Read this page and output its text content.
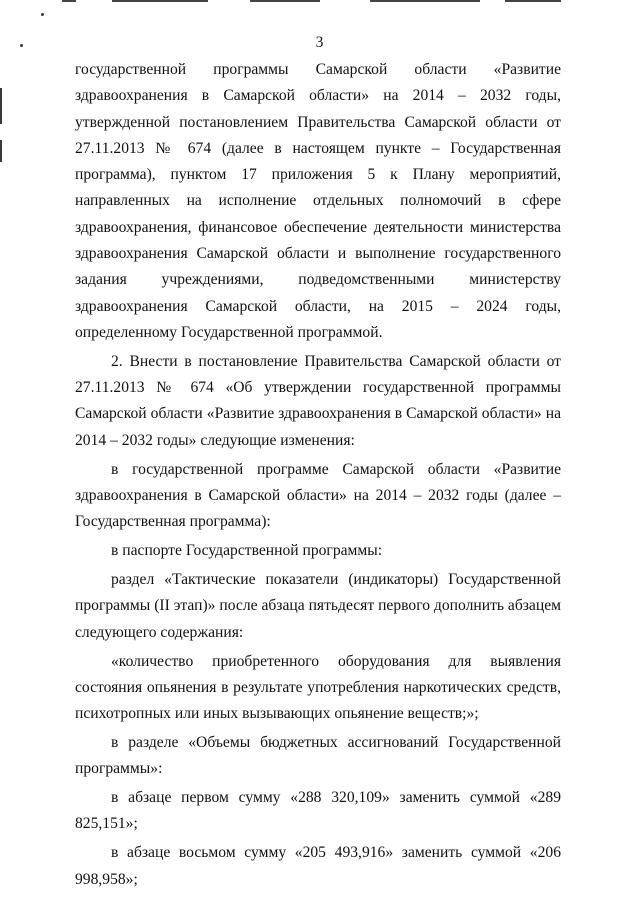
3

государственной программы Самарской области «Развитие здравоохранения в Самарской области» на 2014 – 2032 годы, утвержденной постановлением Правительства Самарской области от 27.11.2013 № 674 (далее в настоящем пункте – Государственная программа), пунктом 17 приложения 5 к Плану мероприятий, направленных на исполнение отдельных полномочий в сфере здравоохранения, финансовое обеспечение деятельности министерства здравоохранения Самарской области и выполнение государственного задания учреждениями, подведомственными министерству здравоохранения Самарской области, на 2015 – 2024 годы, определенному Государственной программой.

2. Внести в постановление Правительства Самарской области от 27.11.2013 № 674 «Об утверждении государственной программы Самарской области «Развитие здравоохранения в Самарской области» на 2014 – 2032 годы» следующие изменения:

в государственной программе Самарской области «Развитие здравоохранения в Самарской области» на 2014 – 2032 годы (далее – Государственная программа):

в паспорте Государственной программы:

раздел «Тактические показатели (индикаторы) Государственной программы (II этап)» после абзаца пятьдесят первого дополнить абзацем следующего содержания:

«количество приобретенного оборудования для выявления состояния опьянения в результате употребления наркотических средств, психотропных или иных вызывающих опьянение веществ;»;

в разделе «Объемы бюджетных ассигнований Государственной программы»:

в абзаце первом сумму «288 320,109» заменить суммой «289 825,151»;

в абзаце восьмом сумму «205 493,916» заменить суммой «206 998,958»;
